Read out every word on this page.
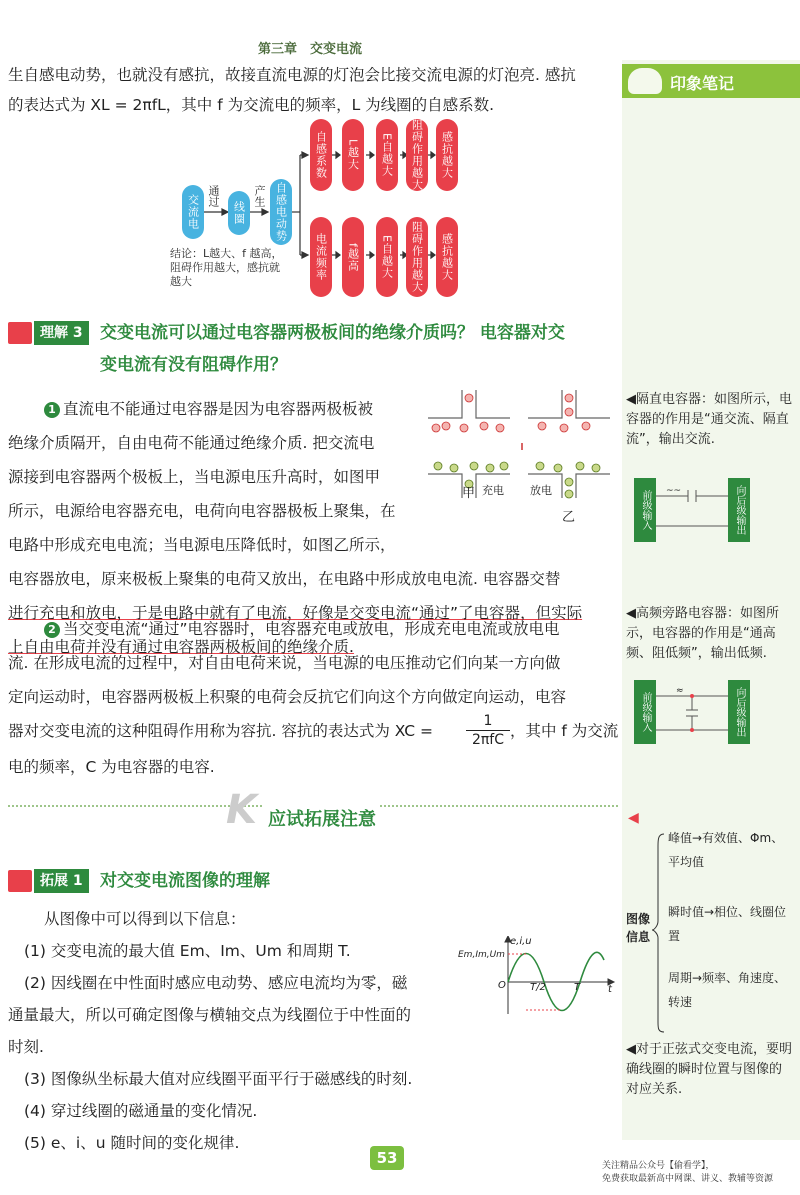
第三章　交变电流
印象笔记
生自感电动势，也就没有感抗，故接直流电源的灯泡会比接交流电源的灯泡亮. 感抗
的表达式为 XL = 2πfL，其中 f 为交流电的频率，L 为线圈的自感系数.
交流电 通过
线圈
产生 自感电动势
自感系数	L越大	E自越大	阻碍作用越大	感抗越大
电流频率	f越高	E自越大	阻碍作用越大	感抗越大
结论：L越大、f 越高，阻碍作用越大，感抗就越大
理解 3	交变电流可以通过电容器两极板间的绝缘介质吗？ 电容器对交
变电流有没有阻碍作用？
1 直流电不能通过电容器是因为电容器两极板被
绝缘介质隔开，自由电荷不能通过绝缘介质. 把交流电
源接到电容器两个极板上，当电源电压升高时，如图甲
所示，电源给电容器充电，电荷向电容器极板上聚集，在
电路中形成充电电流；当电源电压降低时，如图乙所示，
电容器放电，原来极板上聚集的电荷又放出，在电路中形成放电电流. 电容器交替
进行充电和放电，于是电路中就有了电流，好像是交变电流“通过”了电容器，但实际
上自由电荷并没有通过电容器两极板间的绝缘介质.
甲
乙
充电 放电
2 当交变电流“通过”电容器时，电容器充电或放电，形成充电电流或放电电
流. 在形成电流的过程中，对自由电荷来说，当电源的电压推动它们向某一方向做
定向运动时，电容器两极板上积聚的电荷会反抗它们向这个方向做定向运动，电容
器对交变电流的这种阻碍作用称为容抗. 容抗的表达式为 XC =
1
2πfC ，其中 f 为交流
电的频率，C 为电容器的电容.
K 应试拓展注意
拓展 1	对交变电流图像的理解
从图像中可以得到以下信息：
(1) 交变电流的最大值 Em、Im、Um 和周期 T.
(2) 因线圈在中性面时感应电动势、感应电流均为零，磁
通量最大，所以可确定图像与横轴交点为线圈位于中性面的
时刻.
(3) 图像纵坐标最大值对应线圈平面平行于磁感线的时刻.
(4) 穿过线圈的磁通量的变化情况.
(5) e、i、u 随时间的变化规律.
e,i,u
Em,Im,Um
O T/2	T	t
◀隔直电容器：如图所示，电容器的作用是“通交流、隔直流”，输出交流.
前级输入	向后级输出
~~
◀高频旁路电容器：如图所示，电容器的作用是“通高频、阻低频”，输出低频.
前级输入	向后级输出
≈
◀
图像信息
峰值→有效值、Φm、平均值
瞬时值→相位、线圈位置
周期→频率、角速度、转速
◀对于正弦式交变电流，要明确线圈的瞬时位置与图像的对应关系.
53	关注精品公众号【偷看学】，
免费获取最新高中网课、讲义、教辅等资源
